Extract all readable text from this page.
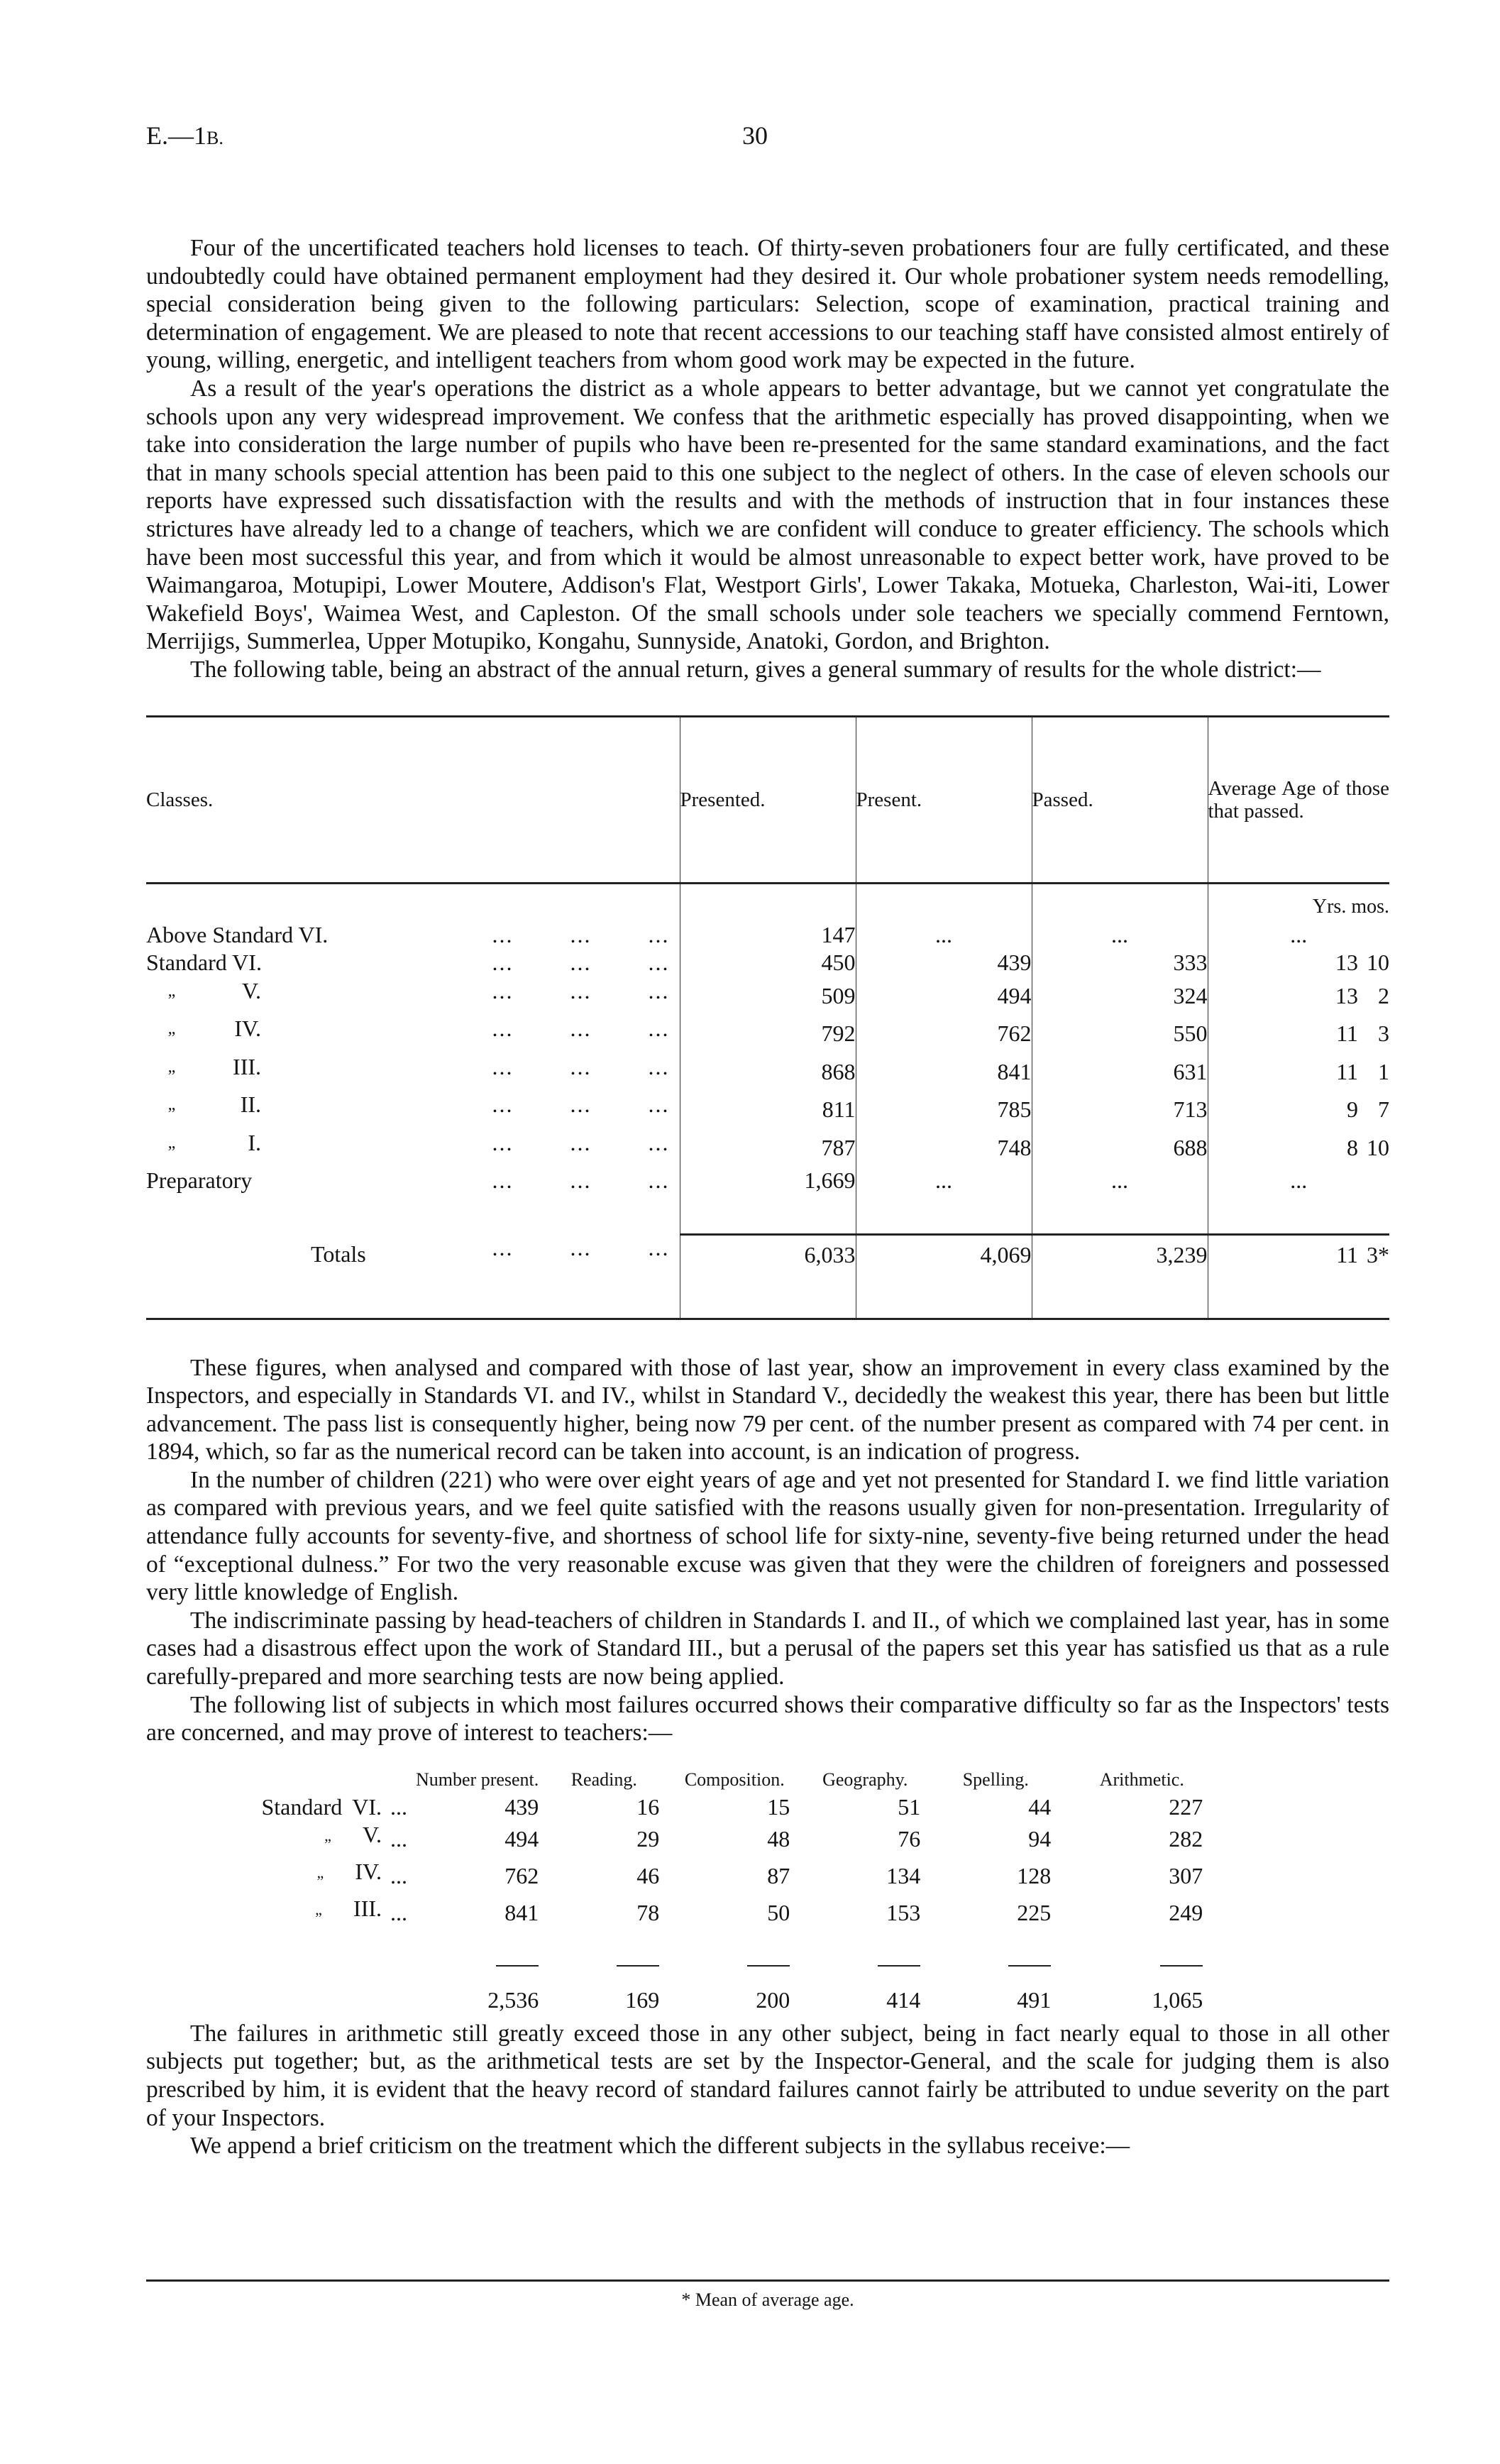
E.—1B.	30

Four of the uncertificated teachers hold licenses to teach. Of thirty-seven probationers four are fully certificated, and these undoubtedly could have obtained permanent employment had they desired it. Our whole probationer system needs remodelling, special consideration being given to the following particulars: Selection, scope of examination, practical training and determination of engagement. We are pleased to note that recent accessions to our teaching staff have consisted almost entirely of young, willing, energetic, and intelligent teachers from whom good work may be expected in the future.

As a result of the year's operations the district as a whole appears to better advantage, but we cannot yet congratulate the schools upon any very widespread improvement. We confess that the arithmetic especially has proved disappointing, when we take into consideration the large number of pupils who have been re-presented for the same standard examinations, and the fact that in many schools special attention has been paid to this one subject to the neglect of others. In the case of eleven schools our reports have expressed such dissatisfaction with the results and with the methods of instruction that in four instances these strictures have already led to a change of teachers, which we are confident will conduce to greater efficiency. The schools which have been most successful this year, and from which it would be almost unreasonable to expect better work, have proved to be Waimangaroa, Motupipi, Lower Moutere, Addison's Flat, Westport Girls', Lower Takaka, Motueka, Charleston, Wai-iti, Lower Wakefield Boys', Waimea West, and Capleston. Of the small schools under sole teachers we specially commend Ferntown, Merrijigs, Summerlea, Upper Motupiko, Kongahu, Sunnyside, Anatoki, Gordon, and Brighton.

The following table, being an abstract of the annual return, gives a general summary of results for the whole district:—

Classes.	Presented.	Present.	Passed.	Average Age of those that passed.
				Yrs. mos.
Above Standard VI. ... ... ...	147	...	...	...
Standard VI. ... ... ...	450	439	333	13 10
” V. ... ... ...	509	494	324	13 2
” IV. ... ... ...	792	762	550	11 3
” III. ... ... ...	868	841	631	11 1
” II. ... ... ...	811	785	713	9 7
” I. ... ... ...	787	748	688	8 10
Preparatory ... ... ...	1,669	...	...	...

Totals ... ... ...	6,033	4,069	3,239	11 3*

These figures, when analysed and compared with those of last year, show an improvement in every class examined by the Inspectors, and especially in Standards VI. and IV., whilst in Standard V., decidedly the weakest this year, there has been but little advancement. The pass list is consequently higher, being now 79 per cent. of the number present as compared with 74 per cent. in 1894, which, so far as the numerical record can be taken into account, is an indication of progress.

In the number of children (221) who were over eight years of age and yet not presented for Standard I. we find little variation as compared with previous years, and we feel quite satisfied with the reasons usually given for non-presentation. Irregularity of attendance fully accounts for seventy-five, and shortness of school life for sixty-nine, seventy-five being returned under the head of “exceptional dulness.” For two the very reasonable excuse was given that they were the children of foreigners and possessed very little knowledge of English.

The indiscriminate passing by head-teachers of children in Standards I. and II., of which we complained last year, has in some cases had a disastrous effect upon the work of Standard III., but a perusal of the papers set this year has satisfied us that as a rule carefully-prepared and more searching tests are now being applied.

The following list of subjects in which most failures occurred shows their comparative difficulty so far as the Inspectors' tests are concerned, and may prove of interest to teachers:—

		Number present.	Reading.	Composition.	Geography.	Spelling.	Arithmetic.
Standard VI.	...	439	16	15	51	44	227
” V.	...	494	29	48	76	94	282
” IV.	...	762	46	87	134	128	307
” III.	...	841	78	50	153	225	249

		2,536	169	200	414	491	1,065

The failures in arithmetic still greatly exceed those in any other subject, being in fact nearly equal to those in all other subjects put together; but, as the arithmetical tests are set by the Inspector-General, and the scale for judging them is also prescribed by him, it is evident that the heavy record of standard failures cannot fairly be attributed to undue severity on the part of your Inspectors.

We append a brief criticism on the treatment which the different subjects in the syllabus receive:—

* Mean of average age.
